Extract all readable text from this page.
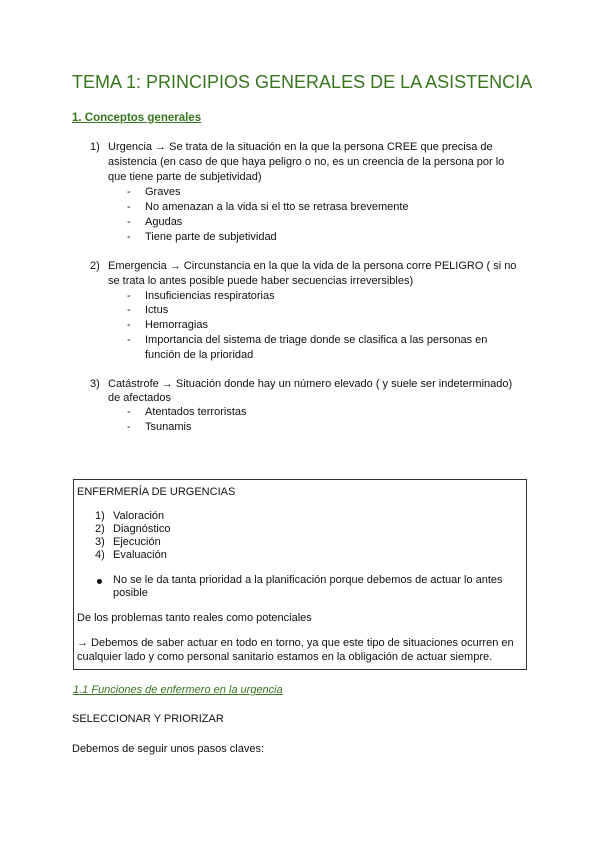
TEMA 1: PRINCIPIOS GENERALES DE LA ASISTENCIA
1. Conceptos generales
1) Urgencia → Se trata de la situación en la que la persona CREE que precisa de
asistencia (en caso de que haya peligro o no, es un creencia de la persona por lo
que tiene parte de subjetividad)
- Graves
- No amenazan a la vida si el tto se retrasa brevemente
- Agudas
- Tiene parte de subjetividad
2) Emergencia → Circunstancia en la que la vida de la persona corre PELIGRO ( si no
se trata lo antes posible puede haber secuencias irreversibles)
- Insuficiencias respiratorias
- Ictus
- Hemorragias
- Importancia del sistema de triage donde se clasifica a las personas en
función de la prioridad
3) Catástrofe → Situación donde hay un número elevado ( y suele ser indeterminado)
de afectados
- Atentados terroristas
- Tsunamis
ENFERMERÍA DE URGENCIAS
1) Valoración
2) Diagnóstico
3) Ejecución
4) Evaluación
No se le da tanta prioridad a la planificación porque debemos de actuar lo antes
posible
De los problemas tanto reales como potenciales
→ Debemos de saber actuar en todo en torno, ya que este tipo de situaciones ocurren en
cualquier lado y como personal sanitario estamos en la obligación de actuar siempre.
1.1 Funciones de enfermero en la urgencia
SELECCIONAR Y PRIORIZAR
Debemos de seguir unos pasos claves:
